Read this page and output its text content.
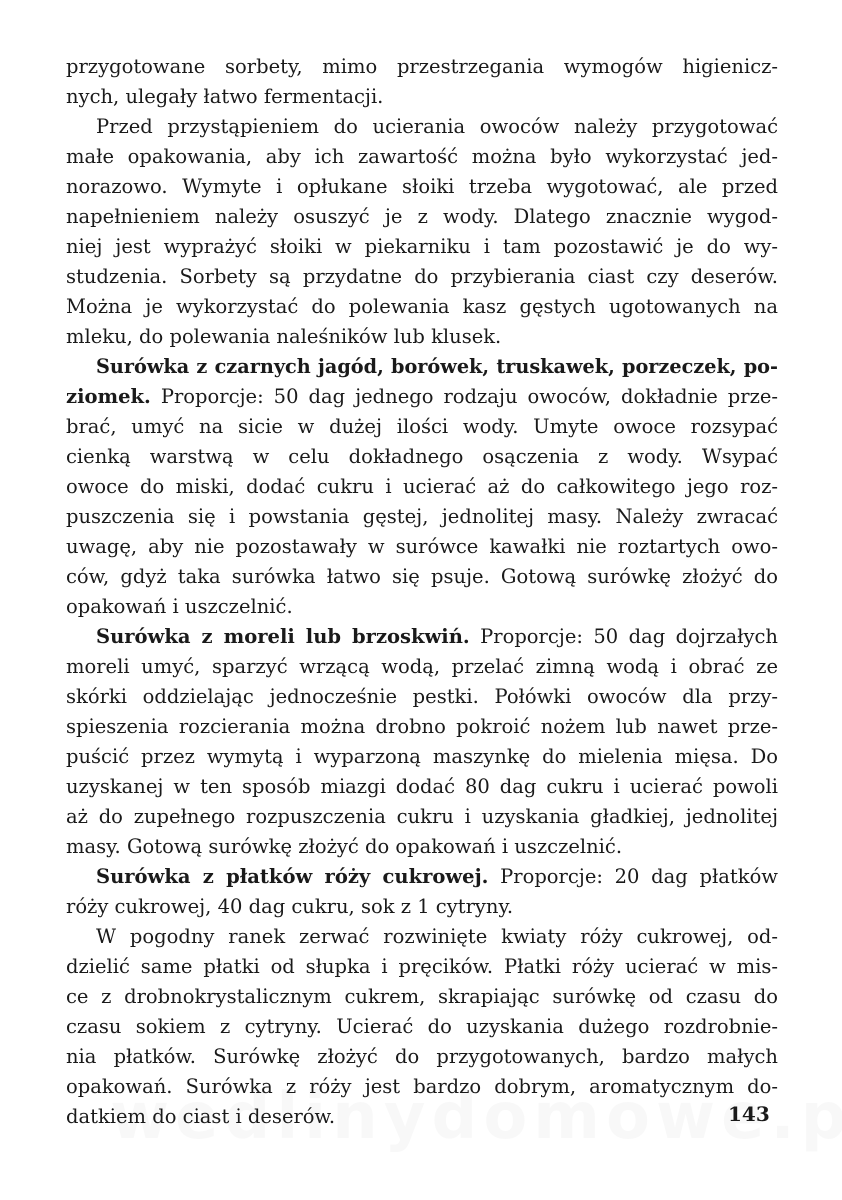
przygotowane sorbety, mimo przestrzegania wymogów higienicz-
nych, ulegały łatwo fermentacji.
Przed przystąpieniem do ucierania owoców należy przygotować
małe opakowania, aby ich zawartość można było wykorzystać jed-
norazowo. Wymyte i opłukane słoiki trzeba wygotować, ale przed
napełnieniem należy osuszyć je z wody. Dlatego znacznie wygod-
niej jest wyprażyć słoiki w piekarniku i tam pozostawić je do wy-
studzenia. Sorbety są przydatne do przybierania ciast czy deserów.
Można je wykorzystać do polewania kasz gęstych ugotowanych na
mleku, do polewania naleśników lub klusek.
Surówka z czarnych jagód, borówek, truskawek, porzeczek, po-
ziomek. Proporcje: 50 dag jednego rodzaju owoców, dokładnie prze-
brać, umyć na sicie w dużej ilości wody. Umyte owoce rozsypać
cienką warstwą w celu dokładnego osączenia z wody. Wsypać
owoce do miski, dodać cukru i ucierać aż do całkowitego jego roz-
puszczenia się i powstania gęstej, jednolitej masy. Należy zwracać
uwagę, aby nie pozostawały w surówce kawałki nie roztartych owo-
ców, gdyż taka surówka łatwo się psuje. Gotową surówkę złożyć do
opakowań i uszczelnić.
Surówka z moreli lub brzoskwiń. Proporcje: 50 dag dojrzałych
moreli umyć, sparzyć wrzącą wodą, przelać zimną wodą i obrać ze
skórki oddzielając jednocześnie pestki. Połówki owoców dla przy-
spieszenia rozcierania można drobno pokroić nożem lub nawet prze-
puścić przez wymytą i wyparzoną maszynkę do mielenia mięsa. Do
uzyskanej w ten sposób miazgi dodać 80 dag cukru i ucierać powoli
aż do zupełnego rozpuszczenia cukru i uzyskania gładkiej, jednolitej
masy. Gotową surówkę złożyć do opakowań i uszczelnić.
Surówka z płatków róży cukrowej. Proporcje: 20 dag płatków
róży cukrowej, 40 dag cukru, sok z 1 cytryny.
W pogodny ranek zerwać rozwinięte kwiaty róży cukrowej, od-
dzielić same płatki od słupka i pręcików. Płatki róży ucierać w mis-
ce z drobnokrystalicznym cukrem, skrapiając surówkę od czasu do
czasu sokiem z cytryny. Ucierać do uzyskania dużego rozdrobnie-
nia płatków. Surówkę złożyć do przygotowanych, bardzo małych
opakowań. Surówka z róży jest bardzo dobrym, aromatycznym do-
datkiem do ciast i deserów.	143
